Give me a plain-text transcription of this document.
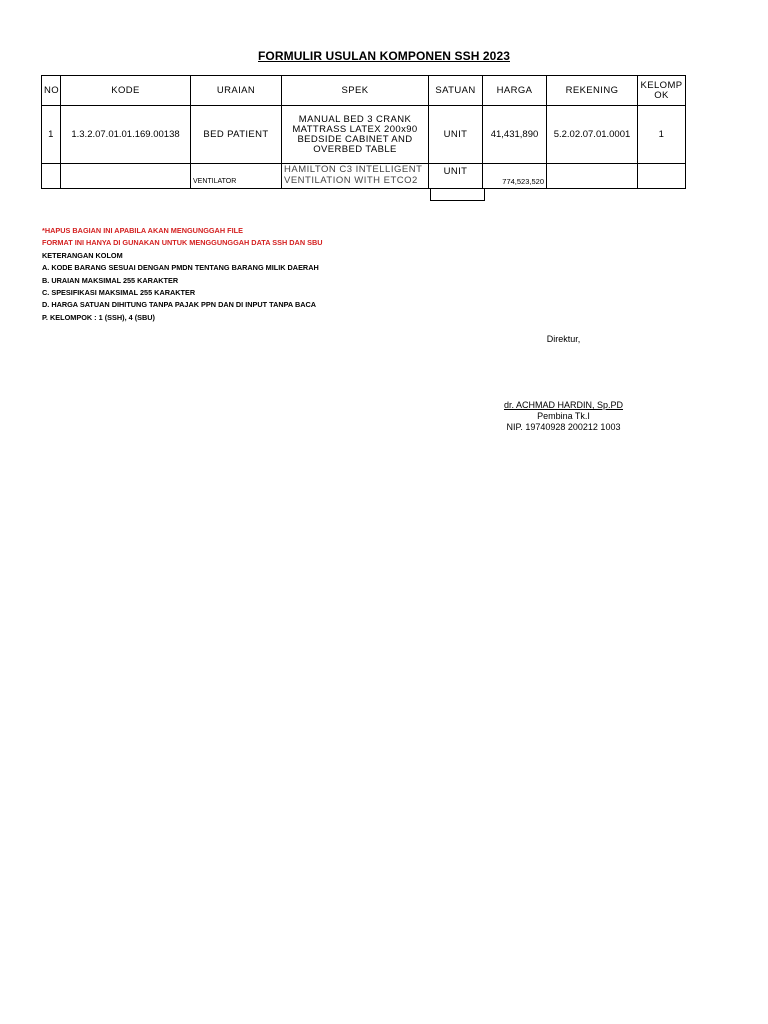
FORMULIR USULAN KOMPONEN SSH 2023
NO	KODE	URAIAN	SPEK	SATUAN	HARGA	REKENING	KELOMPOK
1	1.3.2.07.01.01.169.00138	BED PATIENT	MANUAL BED 3 CRANK MATTRASS LATEX 200x90 BEDSIDE CABINET AND OVERBED TABLE	UNIT	41,431,890	5.2.02.07.01.0001	1
		VENTILATOR	HAMILTON C3 INTELLIGENT VENTILATION WITH ETCO2	UNIT	774,523,520		
*HAPUS BAGIAN INI APABILA AKAN MENGUNGGAH FILE
FORMAT INI HANYA DI GUNAKAN UNTUK MENGGUNGGAH DATA SSH DAN SBU
KETERANGAN KOLOM
A. KODE BARANG SESUAI DENGAN PMDN TENTANG BARANG MILIK DAERAH
B. URAIAN MAKSIMAL 255 KARAKTER
C. SPESIFIKASI MAKSIMAL 255 KARAKTER
D. HARGA SATUAN DIHITUNG TANPA PAJAK PPN DAN DI INPUT TANPA BACA
P. KELOMPOK : 1 (SSH), 4 (SBU)
Direktur,
dr. ACHMAD HARDIN, Sp.PD
Pembina Tk.I
NIP. 19740928 200212 1003
